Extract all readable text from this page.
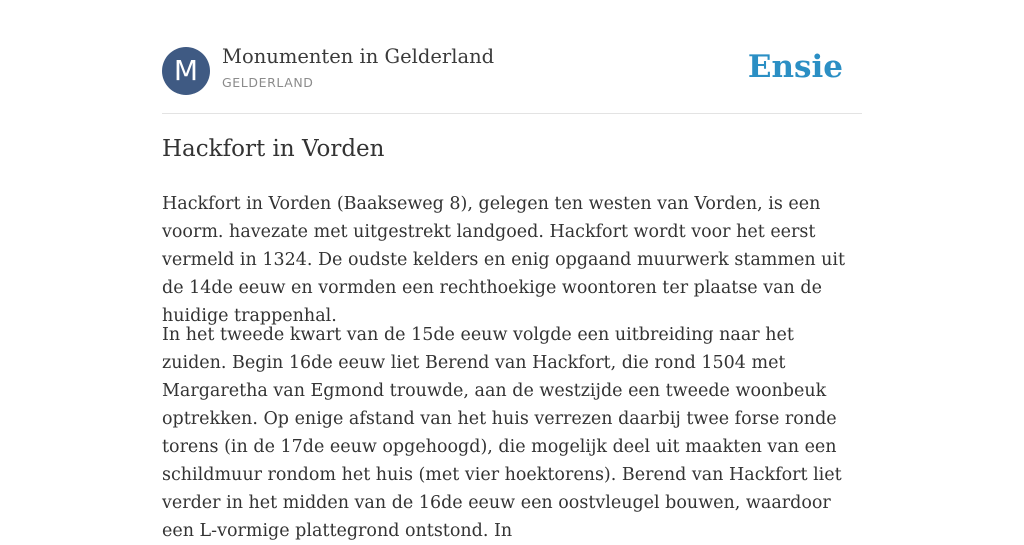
M	Monumenten in Gelderland
GELDERLAND	Ensie
Hackfort in Vorden

Hackfort in Vorden (Baakseweg 8), gelegen ten westen van Vorden, is een voorm. havezate met uitgestrekt landgoed. Hackfort wordt voor het eerst vermeld in 1324. De oudste kelders en enig opgaand muurwerk stammen uit de 14de eeuw en vormden een rechthoekige woontoren ter plaatse van de huidige trappenhal.

In het tweede kwart van de 15de eeuw volgde een uitbreiding naar het zuiden. Begin 16de eeuw liet Berend van Hackfort, die rond 1504 met Margaretha van Egmond trouwde, aan de westzijde een tweede woonbeuk optrekken. Op enige afstand van het huis verrezen daarbij twee forse ronde torens (in de 17de eeuw opgehoogd), die mogelijk deel uit maakten van een schildmuur rondom het huis (met vier hoektorens). Berend van Hackfort liet verder in het midden van de 16de eeuw een oostvleugel bouwen, waardoor een L-vormige plattegrond ontstond. In
